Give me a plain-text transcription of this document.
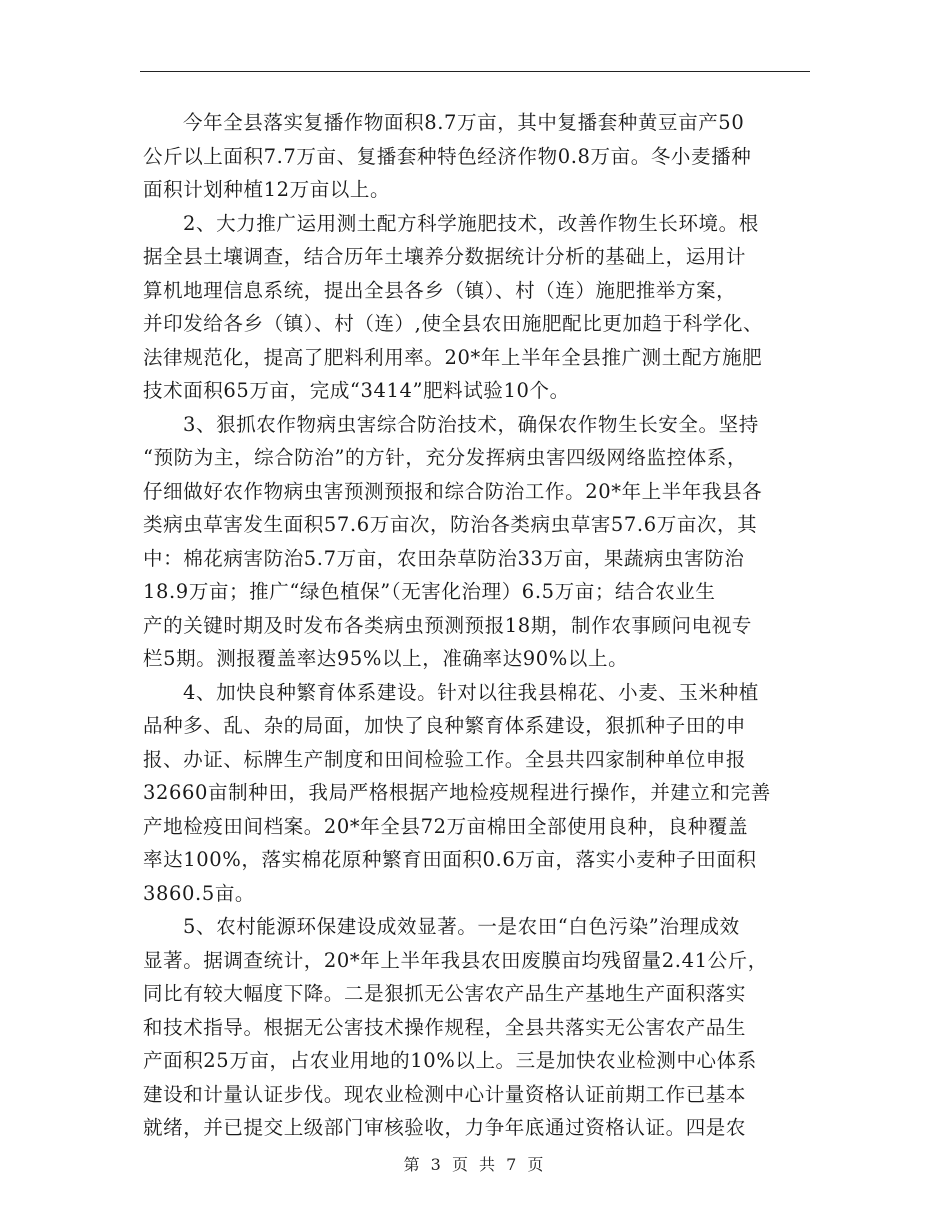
今年全县落实复播作物面积8.7万亩，其中复播套种黄豆亩产50
公斤以上面积7.7万亩、复播套种特色经济作物0.8万亩。冬小麦播种
面积计划种植12万亩以上。
2、大力推广运用测土配方科学施肥技术，改善作物生长环境。根
据全县土壤调查，结合历年土壤养分数据统计分析的基础上，运用计
算机地理信息系统，提出全县各乡（镇）、村（连）施肥推举方案，
并印发给各乡（镇）、村（连）,使全县农田施肥配比更加趋于科学化、
法律规范化，提高了肥料利用率。20*年上半年全县推广测土配方施肥
技术面积65万亩，完成“3414”肥料试验10个。
3、狠抓农作物病虫害综合防治技术，确保农作物生长安全。坚持
“预防为主，综合防治”的方针，充分发挥病虫害四级网络监控体系，
仔细做好农作物病虫害预测预报和综合防治工作。20*年上半年我县各
类病虫草害发生面积57.6万亩次，防治各类病虫草害57.6万亩次，其
中：棉花病害防治5.7万亩，农田杂草防治33万亩，果蔬病虫害防治
18.9万亩；推广“绿色植保”（无害化治理）6.5万亩；结合农业生
产的关键时期及时发布各类病虫预测预报18期，制作农事顾问电视专
栏5期。测报覆盖率达95%以上，准确率达90%以上。
4、加快良种繁育体系建设。针对以往我县棉花、小麦、玉米种植
品种多、乱、杂的局面，加快了良种繁育体系建设，狠抓种子田的申
报、办证、标牌生产制度和田间检验工作。全县共四家制种单位申报
32660亩制种田，我局严格根据产地检疫规程进行操作，并建立和完善
产地检疫田间档案。20*年全县72万亩棉田全部使用良种，良种覆盖
率达100%，落实棉花原种繁育田面积0.6万亩，落实小麦种子田面积
3860.5亩。
5、农村能源环保建设成效显著。一是农田“白色污染”治理成效
显著。据调查统计，20*年上半年我县农田废膜亩均残留量2.41公斤，
同比有较大幅度下降。二是狠抓无公害农产品生产基地生产面积落实
和技术指导。根据无公害技术操作规程，全县共落实无公害农产品生
产面积25万亩，占农业用地的10%以上。三是加快农业检测中心体系
建设和计量认证步伐。现农业检测中心计量资格认证前期工作已基本
就绪，并已提交上级部门审核验收，力争年底通过资格认证。四是农
第 3 页 共 7 页
